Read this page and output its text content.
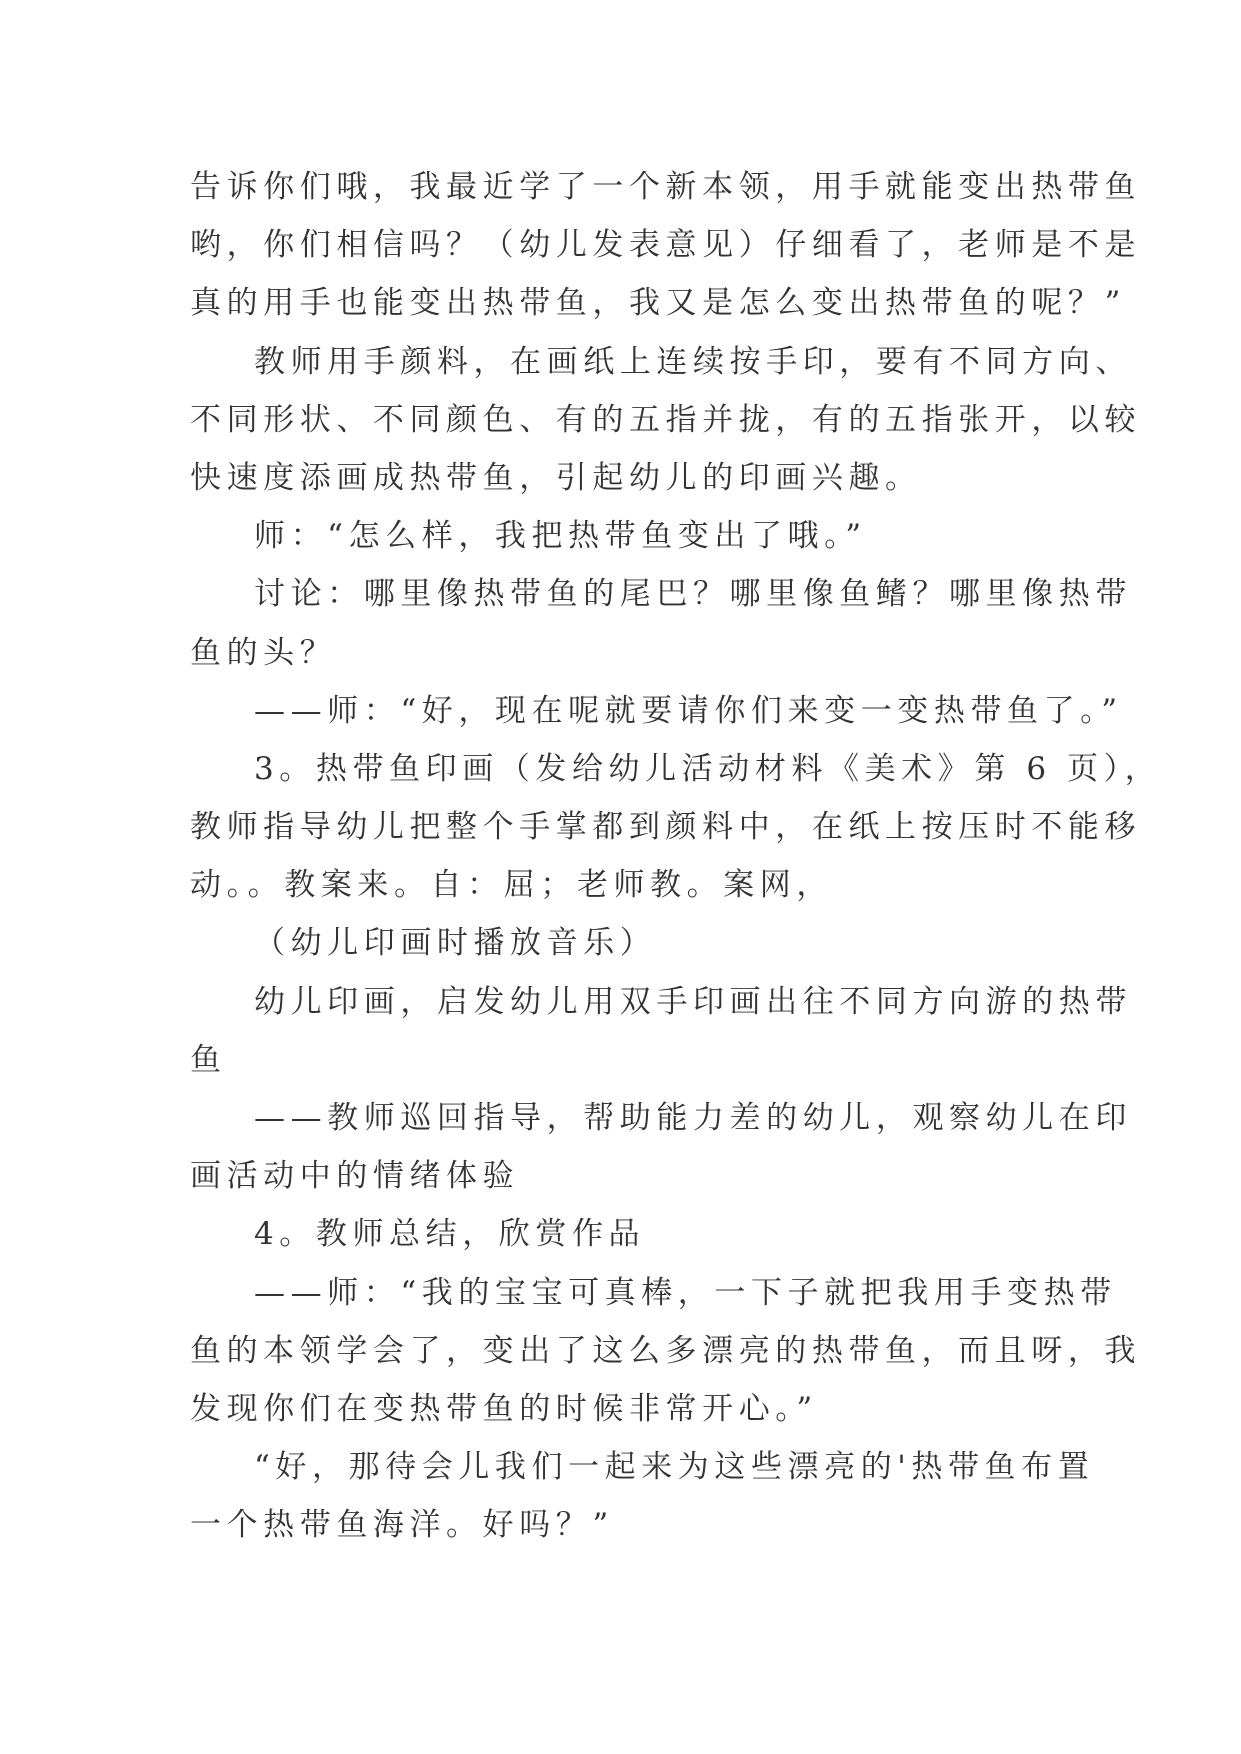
告诉你们哦，我最近学了一个新本领，用手就能变出热带鱼
哟，你们相信吗？（幼儿发表意见）仔细看了，老师是不是
真的用手也能变出热带鱼，我又是怎么变出热带鱼的呢？”
教师用手颜料，在画纸上连续按手印，要有不同方向、
不同形状、不同颜色、有的五指并拢，有的五指张开，以较
快速度添画成热带鱼，引起幼儿的印画兴趣。
师：“怎么样，我把热带鱼变出了哦。”
讨论：哪里像热带鱼的尾巴？哪里像鱼鳍？哪里像热带
鱼的头？
——师：“好，现在呢就要请你们来变一变热带鱼了。”
3。热带鱼印画（发给幼儿活动材料《美术》第 6 页），
教师指导幼儿把整个手掌都到颜料中，在纸上按压时不能移
动。。教案来。自：屈；老师教。案网，
（幼儿印画时播放音乐）
幼儿印画，启发幼儿用双手印画出往不同方向游的热带
鱼
——教师巡回指导，帮助能力差的幼儿，观察幼儿在印
画活动中的情绪体验
4。教师总结，欣赏作品
——师：“我的宝宝可真棒，一下子就把我用手变热带
鱼的本领学会了，变出了这么多漂亮的热带鱼，而且呀，我
发现你们在变热带鱼的时候非常开心。”
“好，那待会儿我们一起来为这些漂亮的'热带鱼布置
一个热带鱼海洋。好吗？”
